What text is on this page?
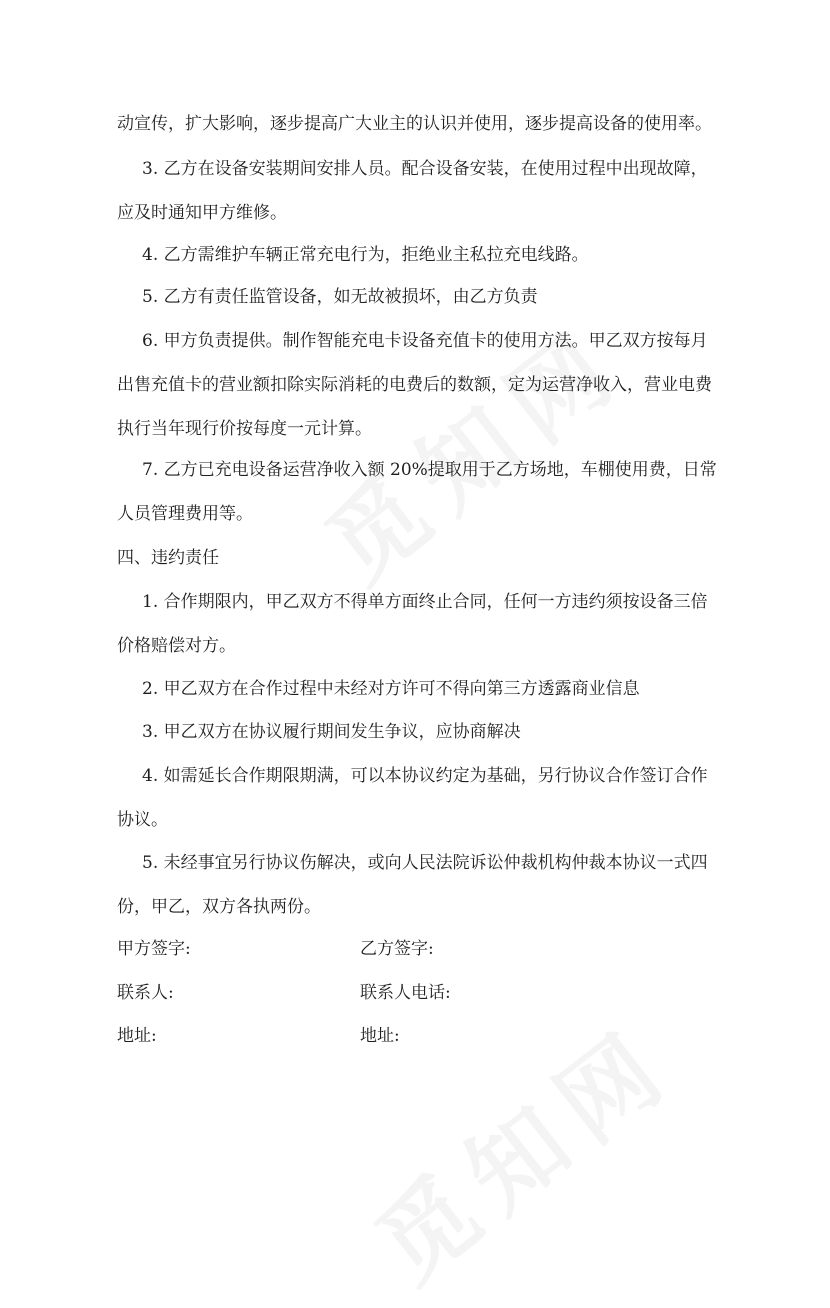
动宣传，扩大影响，逐步提高广大业主的认识并使用，逐步提高设备的使用率。

3. 乙方在设备安装期间安排人员。配合设备安装，在使用过程中出现故障，应及时通知甲方维修。

4. 乙方需维护车辆正常充电行为，拒绝业主私拉充电线路。

5. 乙方有责任监管设备，如无故被损坏，由乙方负责

6. 甲方负责提供。制作智能充电卡设备充值卡的使用方法。甲乙双方按每月出售充值卡的营业额扣除实际消耗的电费后的数额，定为运营净收入，营业电费执行当年现行价按每度一元计算。

7. 乙方已充电设备运营净收入额 20%提取用于乙方场地，车棚使用费，日常人员管理费用等。

四、违约责任

1. 合作期限内，甲乙双方不得单方面终止合同，任何一方违约须按设备三倍价格赔偿对方。

2. 甲乙双方在合作过程中未经对方许可不得向第三方透露商业信息

3. 甲乙双方在协议履行期间发生争议，应协商解决

4. 如需延长合作期限期满，可以本协议约定为基础，另行协议合作签订合作协议。

5. 未经事宜另行协议伤解决，或向人民法院诉讼仲裁机构仲裁本协议一式四份，甲乙，双方各执两份。

甲方签字:	乙方签字:
联系人:	联系人电话:
地址:	地址:
